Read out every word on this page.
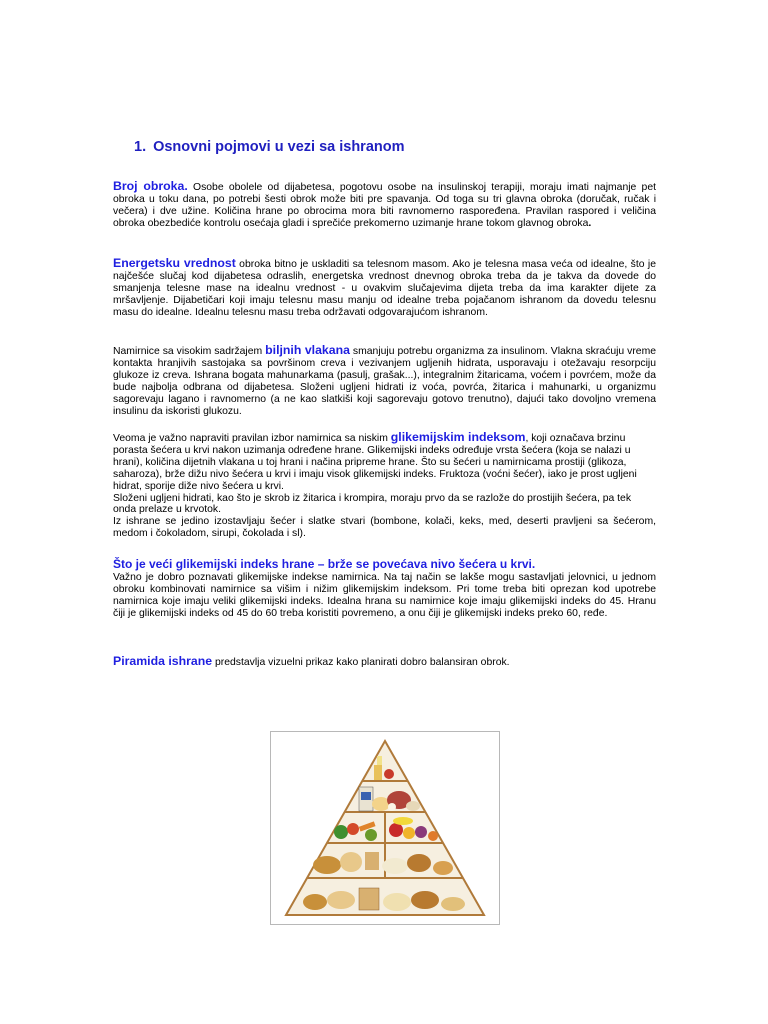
1. Osnovni pojmovi u vezi sa ishranom

Broj obroka. Osobe obolele od dijabetesa, pogotovu osobe na insulinskoj terapiji, moraju imati najmanje pet obroka u toku dana, po potrebi šesti obrok može biti pre spavanja. Od toga su tri glavna obroka (doručak, ručak i večera) i dve užine. Količina hrane po obrocima mora biti ravnomerno raspoređena. Pravilan raspored i veličina obroka obezbediće kontrolu osećaja gladi i sprečiće prekomerno uzimanje hrane tokom glavnog obroka.

Energetsku vrednost obroka bitno je uskladiti sa telesnom masom. Ako je telesna masa veća od idealne, što je najčešće slučaj kod dijabetesa odraslih, energetska vrednost dnevnog obroka treba da je takva da dovede do smanjenja telesne mase na idealnu vrednost - u ovakvim slučajevima dijeta treba da ima karakter dijete za mršavljenje. Dijabetičari koji imaju telesnu masu manju od idealne treba pojačanom ishranom da dovedu telesnu masu do idealne. Idealnu telesnu masu treba održavati odgovarajućom ishranom.

Namirnice sa visokim sadržajem biljnih vlakana smanjuju potrebu organizma za insulinom. Vlakna skraćuju vreme kontakta hranjivih sastojaka sa površinom creva i vezivanjem ugljenih hidrata, usporavaju i otežavaju resorpciju glukoze iz creva. Ishrana bogata mahunarkama (pasulj, grašak...), integralnim žitaricama, voćem i povrćem, može da bude najbolja odbrana od dijabetesa. Složeni ugljeni hidrati iz voća, povrća, žitarica i mahunarki, u organizmu sagorevaju lagano i ravnomerno (a ne kao slatkiši koji sagorevaju gotovo trenutno), dajući tako dovoljno vremena insulinu da iskoristi glukozu.

Veoma je važno napraviti pravilan izbor namirnica sa niskim glikemijskim indeksom, koji označava brzinu porasta šećera u krvi nakon uzimanja određene hrane. Glikemijski indeks određuje vrsta šećera (koja se nalazi u hrani), količina dijetnih vlakana u toj hrani i načina pripreme hrane. Što su šećeri u namirnicama prostiji (glikoza, saharoza), brže dižu nivo šećera u krvi i imaju visok glikemijski indeks. Fruktoza (voćni šećer), iako je prost ugljeni hidrat, sporije diže nivo šećera u krvi.
Složeni ugljeni hidrati, kao što je skrob iz žitarica i krompira, moraju prvo da se razlože do prostijih šećera, pa tek onda prelaze u krvotok.

Iz ishrane se jedino izostavljaju šećer i slatke stvari (bombone, kolači, keks, med, deserti pravljeni sa šećerom, medom i čokoladom, sirupi, čokolada i sl).

Što je veći glikemijski indeks hrane – brže se povećava nivo šećera u krvi.

Važno je dobro poznavati glikemijske indekse namirnica. Na taj način se lakše mogu sastavljati jelovnici, u jednom obroku kombinovati namirnice sa višim i nižim glikemijskim indeksom. Pri tome treba biti oprezan kod upotrebe namirnica koje imaju veliki glikemijski indeks. Idealna hrana su namirnice koje imaju glikemijski indeks do 45. Hranu čiji je glikemijski indeks od 45 do 60 treba koristiti povremeno, a onu čiji je glikemijski indeks preko 60, ređe.

Piramida ishrane predstavlja vizuelni prikaz kako planirati dobro balansiran obrok.
